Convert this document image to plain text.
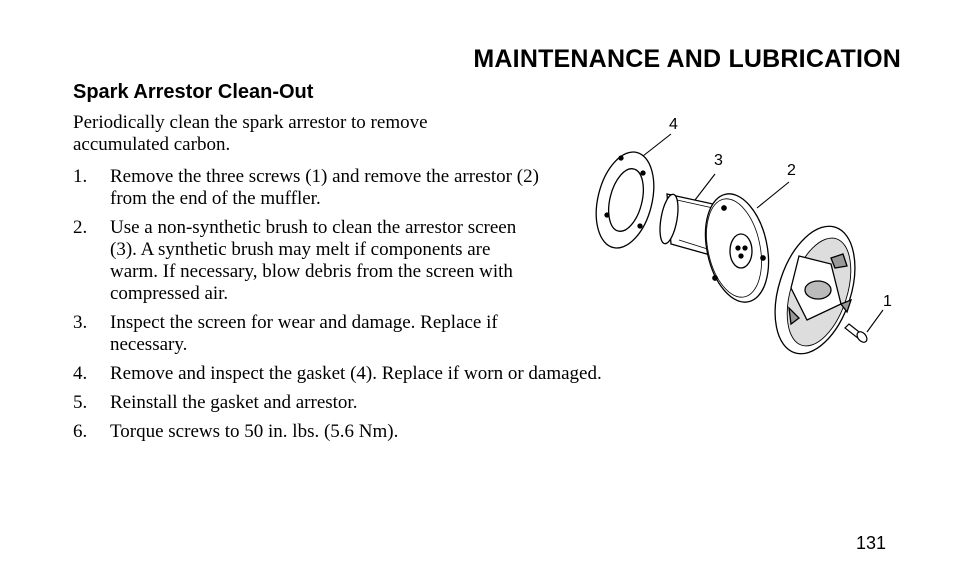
MAINTENANCE AND LUBRICATION
Spark Arrestor Clean-Out
Periodically clean the spark arrestor to remove accumulated carbon.
1. Remove the three screws (1) and remove the arrestor (2) from the end of the muffler.
2. Use a non-synthetic brush to clean the arrestor screen (3). A synthetic brush may melt if components are warm. If necessary, blow debris from the screen with compressed air.
3. Inspect the screen for wear and damage. Replace if necessary.
4. Remove and inspect the gasket (4). Replace if worn or damaged.
5. Reinstall the gasket and arrestor.
6. Torque screws to 50 in. lbs. (5.6 Nm).
4
3
2
1
131
